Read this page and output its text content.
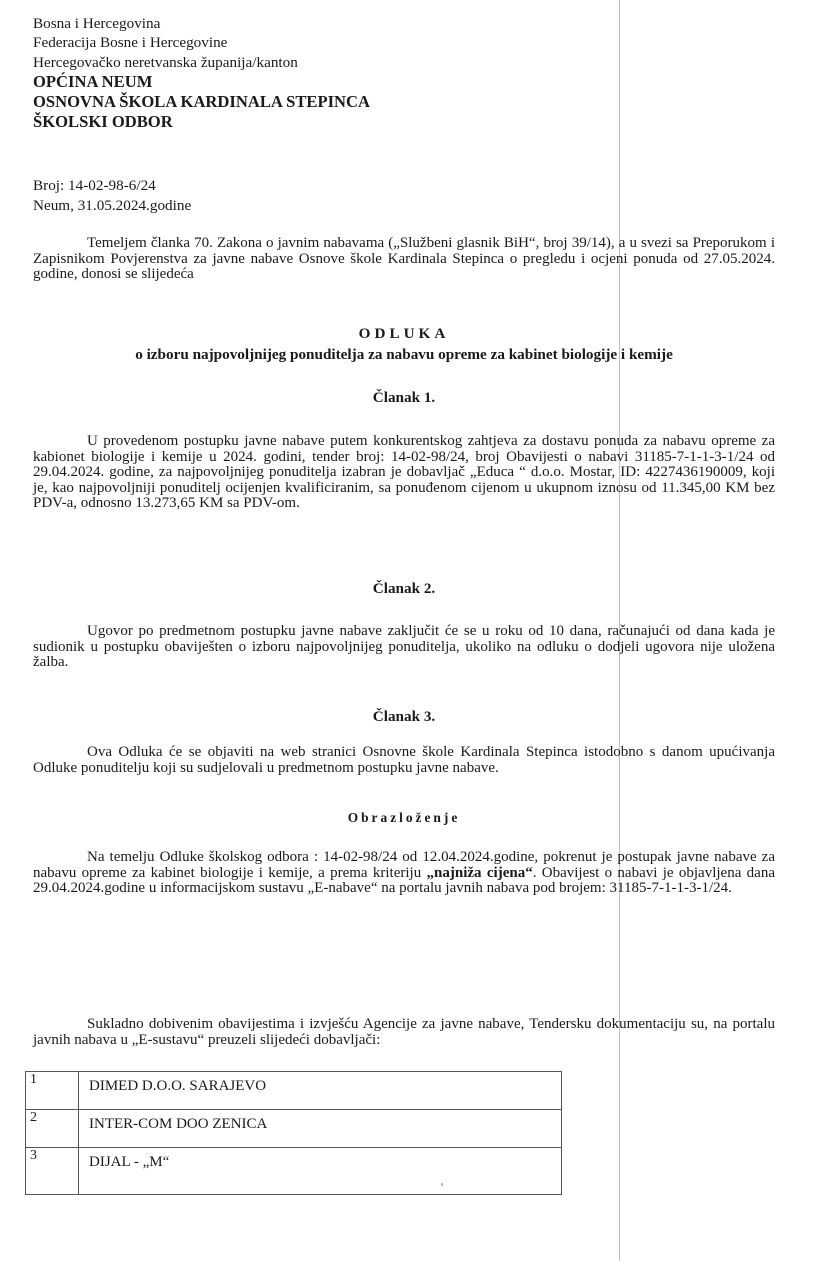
Bosna i Hercegovina
Federacija Bosne i Hercegovine
Hercegovačko neretvanska županija/kanton
OPĆINA NEUM
OSNOVNA ŠKOLA KARDINALA STEPINCA
ŠKOLSKI ODBOR
Broj: 14-02-98-6/24
Neum, 31.05.2024.godine
Temeljem članka 70. Zakona o javnim nabavama („Službeni glasnik BiH“, broj 39/14), a u svezi sa Preporukom i Zapisnikom Povjerenstva za javne nabave Osnove škole Kardinala Stepinca o pregledu i ocjeni ponuda od 27.05.2024. godine, donosi se slijedeća
ODLUKA
o izboru najpovoljnijeg ponuditelja za nabavu opreme za kabinet biologije i kemije
Članak 1.
U provedenom postupku javne nabave putem konkurentskog zahtjeva za dostavu ponuda za nabavu opreme za kabionet biologije i kemije u 2024. godini, tender broj: 14-02-98/24, broj Obavijesti o nabavi 31185-7-1-1-3-1/24 od 29.04.2024. godine, za najpovoljnijeg ponuditelja izabran je dobavljač „Educa “ d.o.o. Mostar, ID: 4227436190009, koji je, kao najpovoljniji ponuditelj ocijenjen kvalificiranim, sa ponuđenom cijenom u ukupnom iznosu od 11.345,00 KM bez PDV-a, odnosno 13.273,65 KM sa PDV-om.
Članak 2.
Ugovor po predmetnom postupku javne nabave zaključit će se u roku od 10 dana, računajući od dana kada je sudionik u postupku obaviješten o izboru najpovoljnijeg ponuditelja, ukoliko na odluku o dodjeli ugovora nije uložena žalba.
Članak 3.
Ova Odluka će se objaviti na web stranici Osnovne škole Kardinala Stepinca istodobno s danom upućivanja Odluke ponuditelju koji su sudjelovali u predmetnom postupku javne nabave.
Obrazloženje
Na temelju Odluke školskog odbora : 14-02-98/24 od 12.04.2024.godine, pokrenut je postupak javne nabave za nabavu opreme za kabinet biologije i kemije, a prema kriteriju „najniža cijena“. Obavijest o nabavi je objavljena dana 29.04.2024.godine u informacijskom sustavu „E-nabave“ na portalu javnih nabava pod brojem: 31185-7-1-1-3-1/24.
Sukladno dobivenim obavijestima i izvješću Agencije za javne nabave, Tendersku dokumentaciju su, na portalu javnih nabava u „E-sustavu“ preuzeli slijedeći dobavljači:
1	DIMED D.O.O. SARAJEVO
2	INTER-COM DOO ZENICA
3	DIJAL - „M“
